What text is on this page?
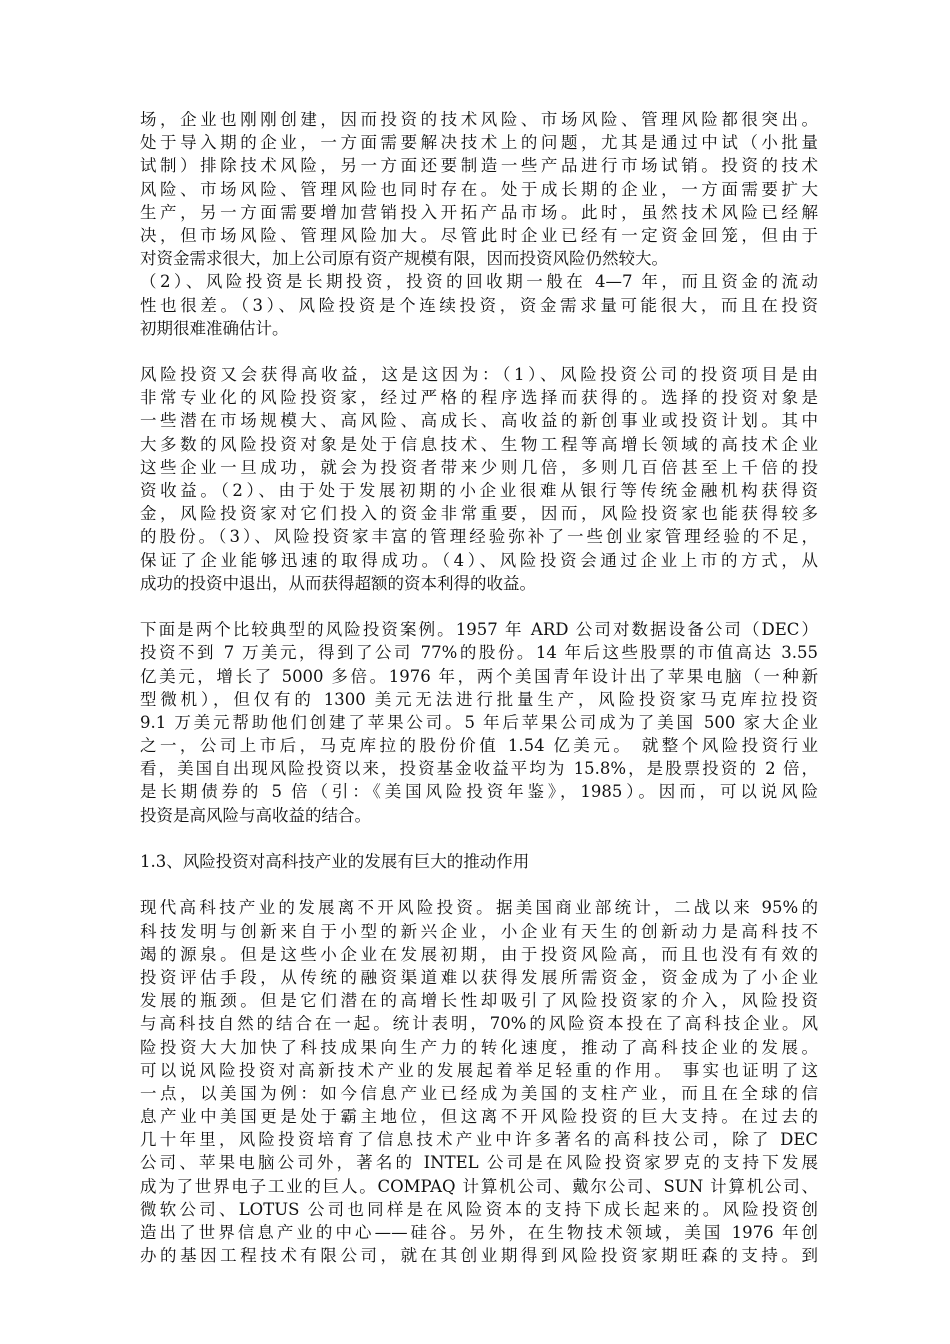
场，企业也刚刚创建，因而投资的技术风险、市场风险、管理风险都很突出。
处于导入期的企业，一方面需要解决技术上的问题，尤其是通过中试（小批量
试制）排除技术风险，另一方面还要制造一些产品进行市场试销。投资的技术
风险、市场风险、管理风险也同时存在。处于成长期的企业，一方面需要扩大
生产，另一方面需要增加营销投入开拓产品市场。此时，虽然技术风险已经解
决，但市场风险、管理风险加大。尽管此时企业已经有一定资金回笼，但由于
对资金需求很大，加上公司原有资产规模有限，因而投资风险仍然较大。
（2）、风险投资是长期投资，投资的回收期一般在 4—7 年，而且资金的流动
性也很差。（3）、风险投资是个连续投资，资金需求量可能很大，而且在投资
初期很难准确估计。
风险投资又会获得高收益，这是这因为：（1）、风险投资公司的投资项目是由
非常专业化的风险投资家，经过严格的程序选择而获得的。选择的投资对象是
一些潜在市场规模大、高风险、高成长、高收益的新创事业或投资计划。其中
大多数的风险投资对象是处于信息技术、生物工程等高增长领域的高技术企业
这些企业一旦成功，就会为投资者带来少则几倍，多则几百倍甚至上千倍的投
资收益。（2）、由于处于发展初期的小企业很难从银行等传统金融机构获得资
金，风险投资家对它们投入的资金非常重要，因而，风险投资家也能获得较多
的股份。（3）、风险投资家丰富的管理经验弥补了一些创业家管理经验的不足，
保证了企业能够迅速的取得成功。（4）、风险投资会通过企业上市的方式，从
成功的投资中退出，从而获得超额的资本利得的收益。
下面是两个比较典型的风险投资案例。1957 年 ARD 公司对数据设备公司（DEC）
投资不到 7 万美元，得到了公司 77%的股份。14 年后这些股票的市值高达 3.55
亿美元，增长了 5000 多倍。1976 年，两个美国青年设计出了苹果电脑（一种新
型微机），但仅有的 1300 美元无法进行批量生产，风险投资家马克库拉投资
9.1 万美元帮助他们创建了苹果公司。5 年后苹果公司成为了美国 500 家大企业
之一，公司上市后，马克库拉的股份价值 1.54 亿美元。 就整个风险投资行业
看，美国自出现风险投资以来，投资基金收益平均为 15.8%，是股票投资的 2 倍，
是长期债券的 5 倍（引：《美国风险投资年鉴》，1985）。因而，可以说风险
投资是高风险与高收益的结合。
1.3、风险投资对高科技产业的发展有巨大的推动作用
现代高科技产业的发展离不开风险投资。据美国商业部统计，二战以来 95%的
科技发明与创新来自于小型的新兴企业，小企业有天生的创新动力是高科技不
竭的源泉。但是这些小企业在发展初期，由于投资风险高，而且也没有有效的
投资评估手段，从传统的融资渠道难以获得发展所需资金，资金成为了小企业
发展的瓶颈。但是它们潜在的高增长性却吸引了风险投资家的介入，风险投资
与高科技自然的结合在一起。统计表明，70%的风险资本投在了高科技企业。风
险投资大大加快了科技成果向生产力的转化速度，推动了高科技企业的发展。
可以说风险投资对高新技术产业的发展起着举足轻重的作用。 事实也证明了这
一点，以美国为例：如今信息产业已经成为美国的支柱产业，而且在全球的信
息产业中美国更是处于霸主地位，但这离不开风险投资的巨大支持。在过去的
几十年里，风险投资培育了信息技术产业中许多著名的高科技公司，除了 DEC
公司、苹果电脑公司外，著名的 INTEL 公司是在风险投资家罗克的支持下发展
成为了世界电子工业的巨人。COMPAQ 计算机公司、戴尔公司、SUN 计算机公司、
微软公司、LOTUS 公司也同样是在风险资本的支持下成长起来的。风险投资创
造出了世界信息产业的中心——硅谷。另外，在生物技术领域，美国 1976 年创
办的基因工程技术有限公司，就在其创业期得到风险投资家期旺森的支持。到
